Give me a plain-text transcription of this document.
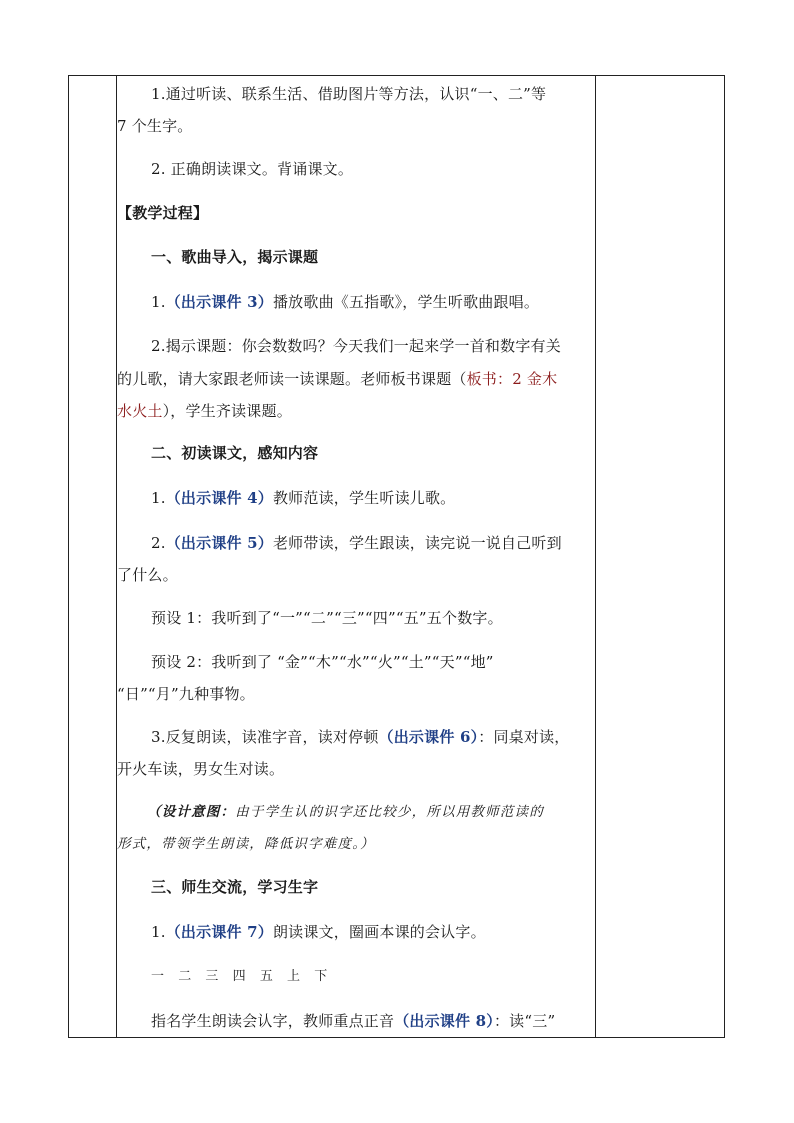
1.通过听读、联系生活、借助图片等方法，认识“一、二”等
7 个生字。
2. 正确朗读课文。背诵课文。
【教学过程】
一、歌曲导入，揭示课题
1.（出示课件 3）播放歌曲《五指歌》，学生听歌曲跟唱。
2.揭示课题：你会数数吗？今天我们一起来学一首和数字有关
的儿歌，请大家跟老师读一读课题。老师板书课题（板书：2 金木
水火土），学生齐读课题。
二、初读课文，感知内容
1.（出示课件 4）教师范读，学生听读儿歌。
2.（出示课件 5）老师带读，学生跟读，读完说一说自己听到
了什么。
预设 1：我听到了“一”“二”“三”“四”“五”五个数字。
预设 2：我听到了 “金”“木”“水”“火”“土”“天”“地”
“日”“月”九种事物。
3.反复朗读，读准字音，读对停顿（出示课件 6）：同桌对读，
开火车读，男女生对读。
（设计意图：由于学生认的识字还比较少，所以用教师范读的
形式，带领学生朗读，降低识字难度。）
三、师生交流，学习生字
1.（出示课件 7）朗读课文，圈画本课的会认字。
一 二 三 四 五 上 下
指名学生朗读会认字，教师重点正音（出示课件 8）：读“三”
